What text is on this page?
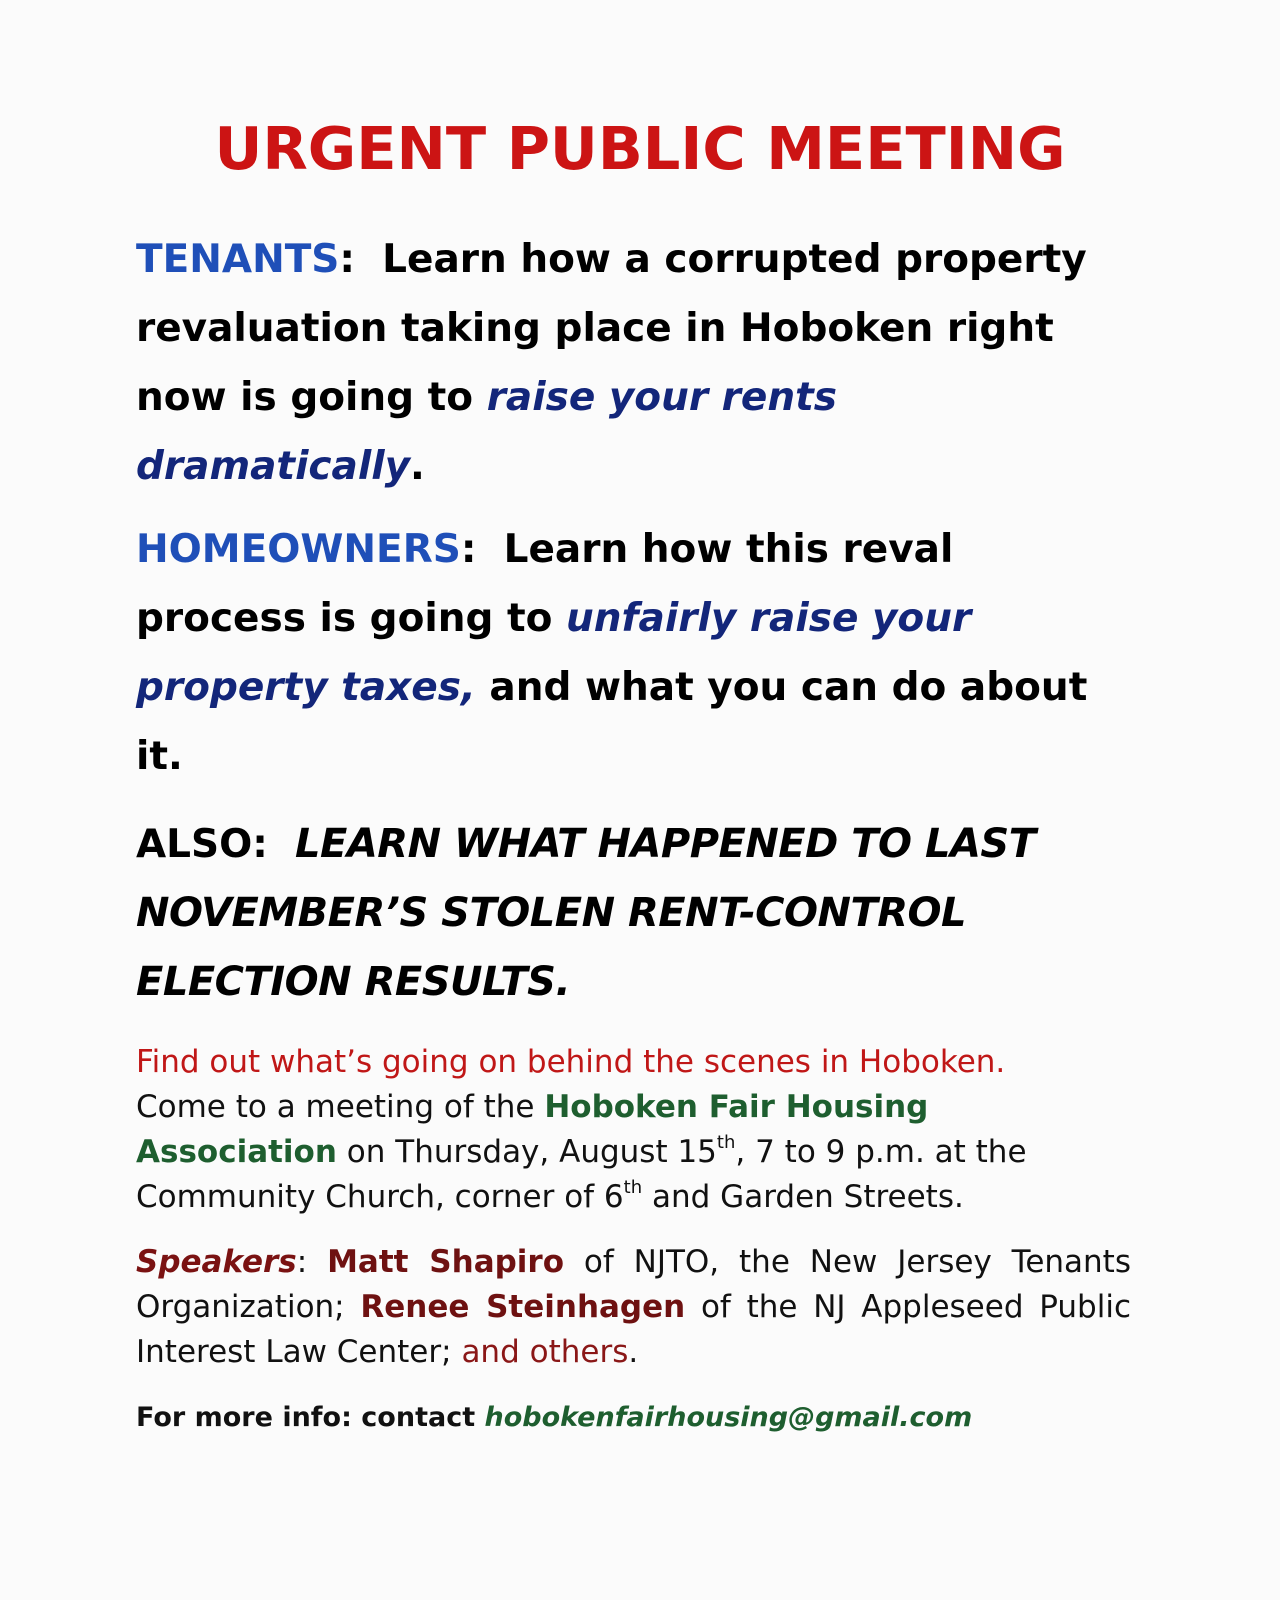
URGENT PUBLIC MEETING

TENANTS:  Learn how a corrupted property revaluation taking place in Hoboken right now is going to raise your rents dramatically.

HOMEOWNERS:  Learn how this reval process is going to unfairly raise your property taxes, and what you can do about it.

ALSO: LEARN WHAT HAPPENED TO LAST NOVEMBER’S STOLEN RENT-CONTROL ELECTION RESULTS.

Find out what’s going on behind the scenes in Hoboken.
Come to a meeting of the Hoboken Fair Housing Association on Thursday, August 15th, 7 to 9 p.m. at the Community Church, corner of 6th and Garden Streets.

Speakers: Matt Shapiro of NJTO, the New Jersey Tenants Organization; Renee Steinhagen of the NJ Appleseed Public Interest Law Center; and others.

For more info: contact hobokenfairhousing@gmail.com
